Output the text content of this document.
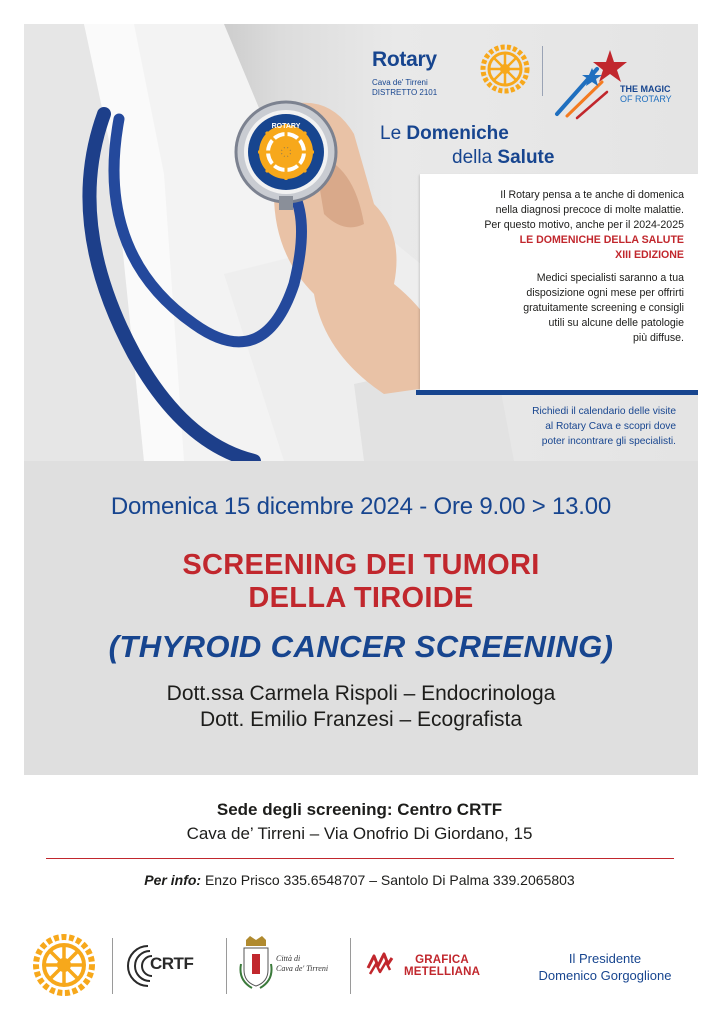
ROTARY
Rotary
Cava de' Tirreni
DISTRETTO 2101	THE MAGIC
OF ROTARY
Le Domeniche
della Salute

Il Rotary pensa a te anche di domenica
nella diagnosi precoce di molte malattie.
Per questo motivo, anche per il 2024-2025
LE DOMENICHE DELLA SALUTE
XIII EDIZIONE

Medici specialisti saranno a tua
disposizione ogni mese per offrirti
gratuitamente screening e consigli
utili su alcune delle patologie
più diffuse.

Richiedi il calendario delle visite
al Rotary Cava e scopri dove
poter incontrare gli specialisti.
Domenica 15 dicembre 2024 - Ore 9.00 > 13.00
SCREENING DEI TUMORI
DELLA TIROIDE
(THYROID CANCER SCREENING)
Dott.ssa Carmela Rispoli – Endocrinologa
Dott. Emilio Franzesi – Ecografista
Sede degli screening: Centro CRTF
Cava de’ Tirreni – Via Onofrio Di Giordano, 15
Per info: Enzo Prisco 335.6548707 – Santolo Di Palma 339.2065803
CRTF	Città di
Cava de' Tirreni
GRAFICA
METELLIANA
Il Presidente
Domenico Gorgoglione
